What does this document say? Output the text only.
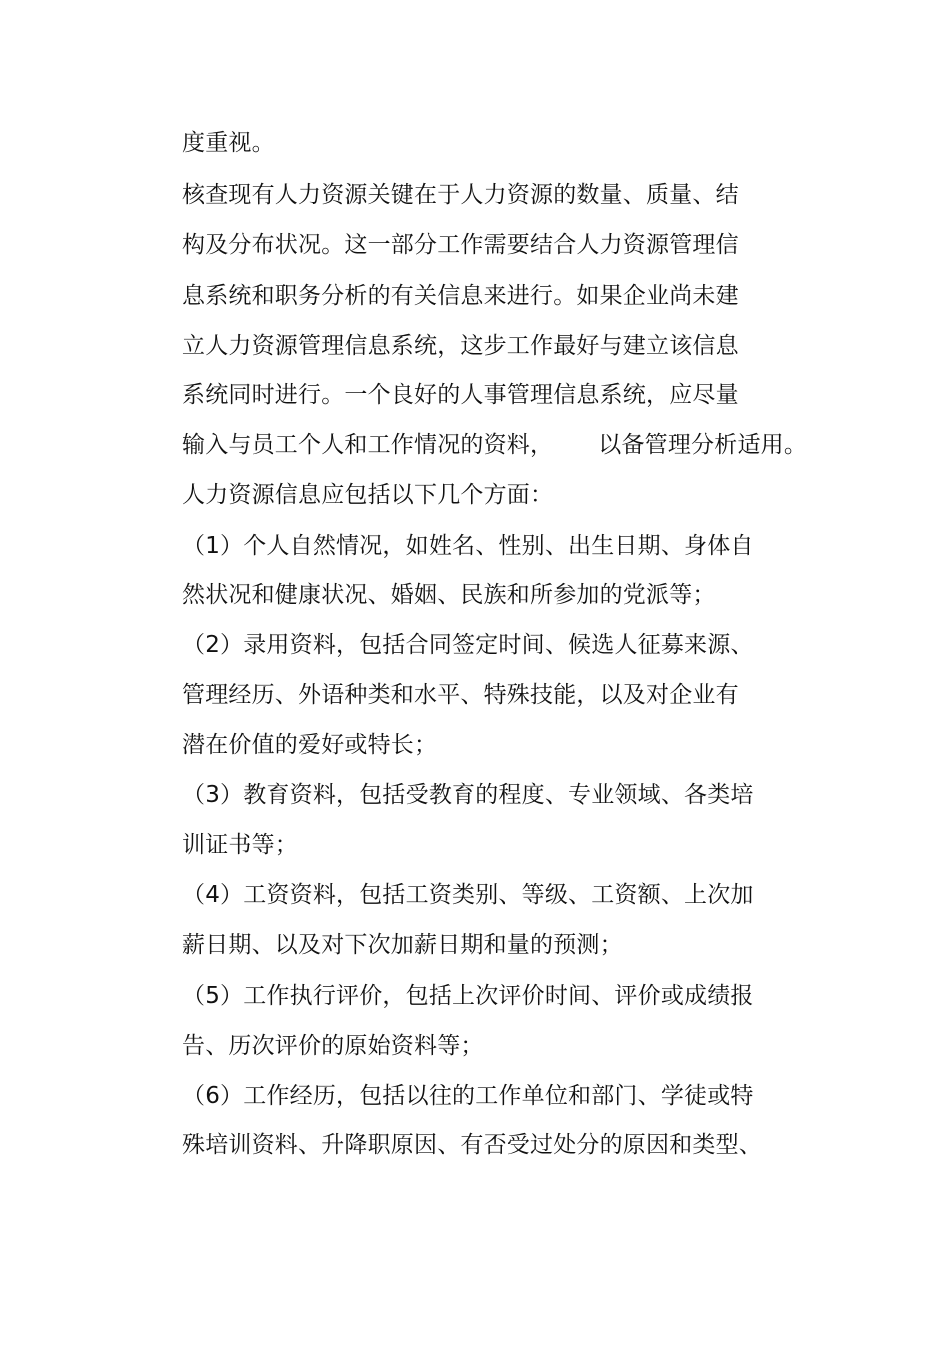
度重视。
核查现有人力资源关键在于人力资源的数量、质量、结
构及分布状况。这一部分工作需要结合人力资源管理信
息系统和职务分析的有关信息来进行。如果企业尚未建
立人力资源管理信息系统，这步工作最好与建立该信息
系统同时进行。一个良好的人事管理信息系统，应尽量
输入与员工个人和工作情况的资料，      以备管理分析适用。
人力资源信息应包括以下几个方面：
（1）个人自然情况，如姓名、性别、出生日期、身体自
然状况和健康状况、婚姻、民族和所参加的党派等；
（2）录用资料，包括合同签定时间、候选人征募来源、
管理经历、外语种类和水平、特殊技能，以及对企业有
潜在价值的爱好或特长；
（3）教育资料，包括受教育的程度、专业领域、各类培
训证书等；
（4）工资资料，包括工资类别、等级、工资额、上次加
薪日期、以及对下次加薪日期和量的预测；
（5）工作执行评价，包括上次评价时间、评价或成绩报
告、历次评价的原始资料等；
（6）工作经历，包括以往的工作单位和部门、学徒或特
殊培训资料、升降职原因、有否受过处分的原因和类型、
